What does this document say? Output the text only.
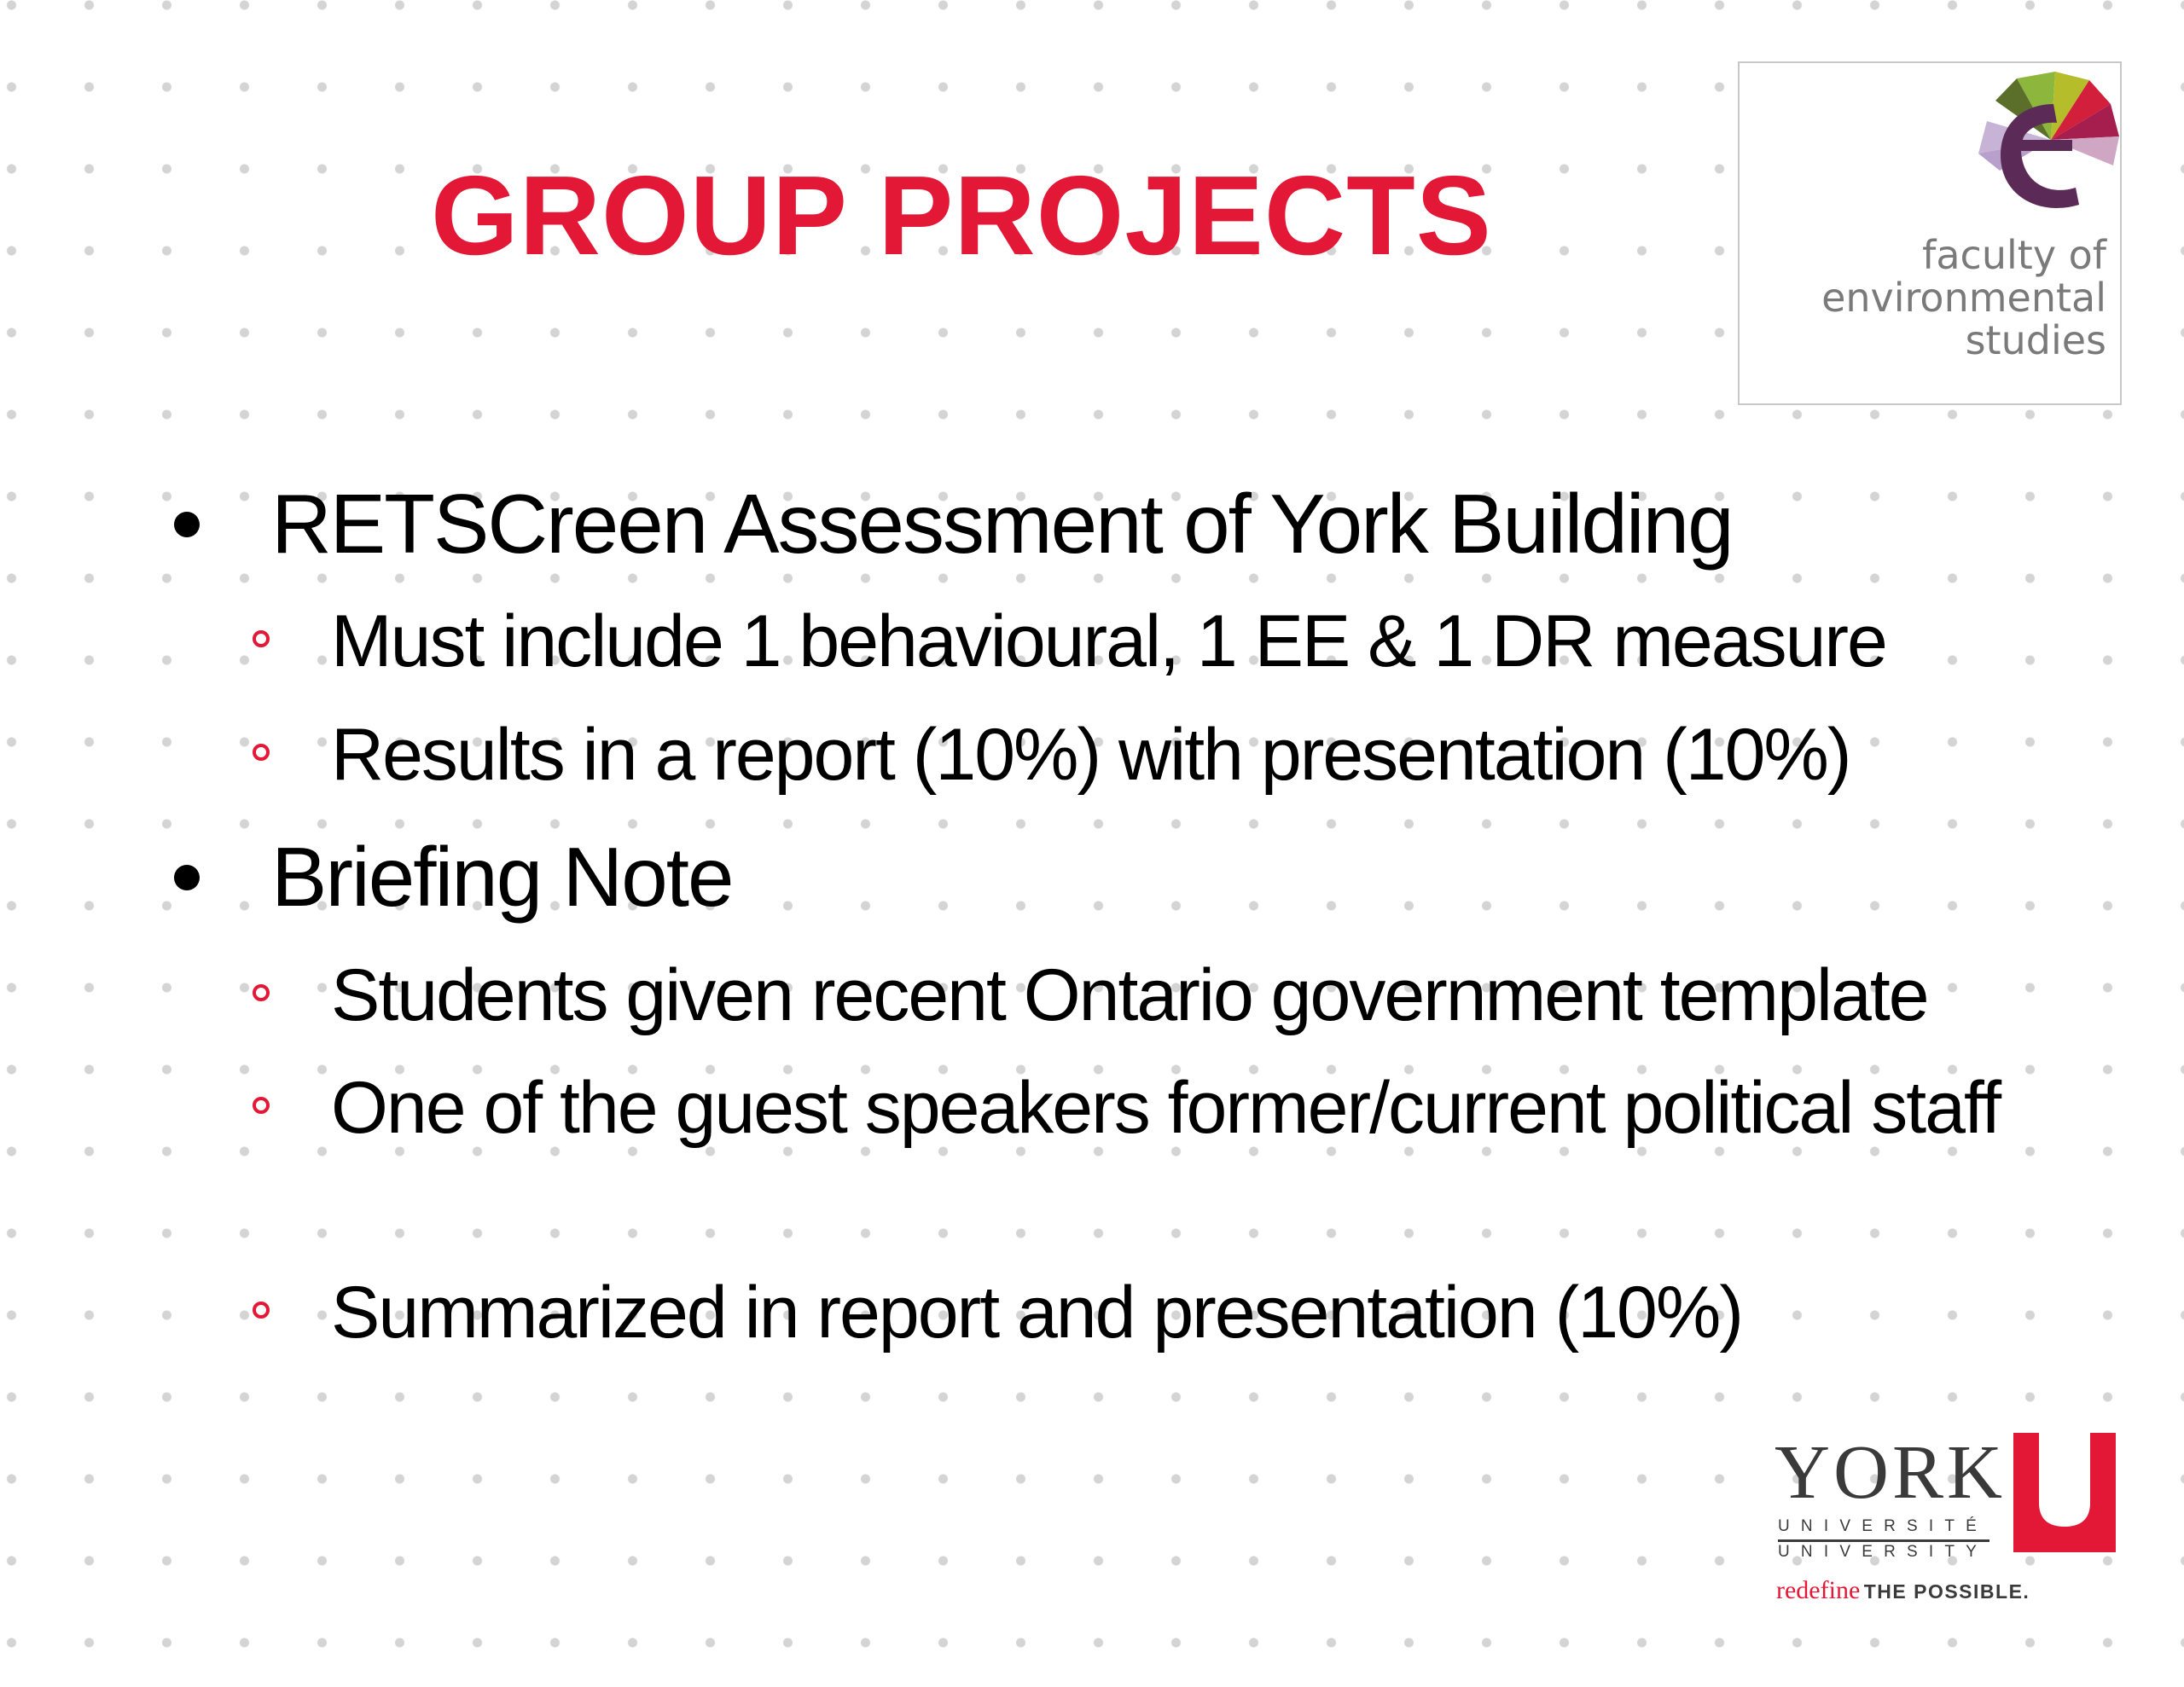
GROUP PROJECTS	faculty of
environmental
studies
RETSCreen Assessment of York Building
Must include 1 behavioural, 1 EE & 1 DR measure
Results in a report (10%) with presentation (10%)
Briefing Note
Students given recent Ontario government template
One of the guest speakers former/current political staff
Summarized in report and presentation (10%)
YORK
UNIVERSITÉ
UNIVERSITY
redefine THE POSSIBLE.
